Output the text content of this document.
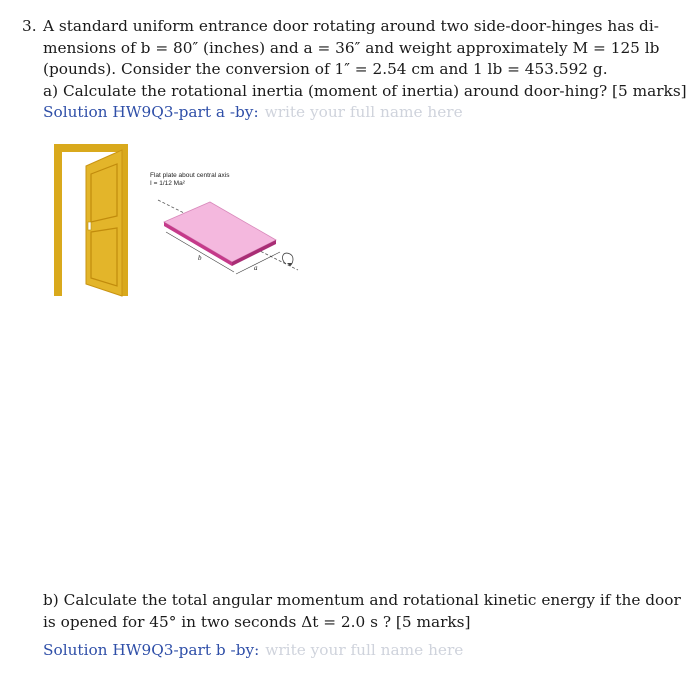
3. A standard uniform entrance door rotating around two side-door-hinges has di-
mensions of b = 80″ (inches) and a = 36″ and weight approximately M = 125 lb
(pounds). Consider the conversion of 1″ = 2.54 cm and 1 lb = 453.592 g.
a) Calculate the rotational inertia (moment of inertia) around door-hing? [5 marks]
Solution HW9Q3-part a -by: write your full name here
b
a
Flat plate about central axis
I = 1/12 Ma²
b) Calculate the total angular momentum and rotational kinetic energy if the door
is opened for 45° in two seconds Δt = 2.0 s ? [5 marks]
Solution HW9Q3-part b -by: write your full name here
